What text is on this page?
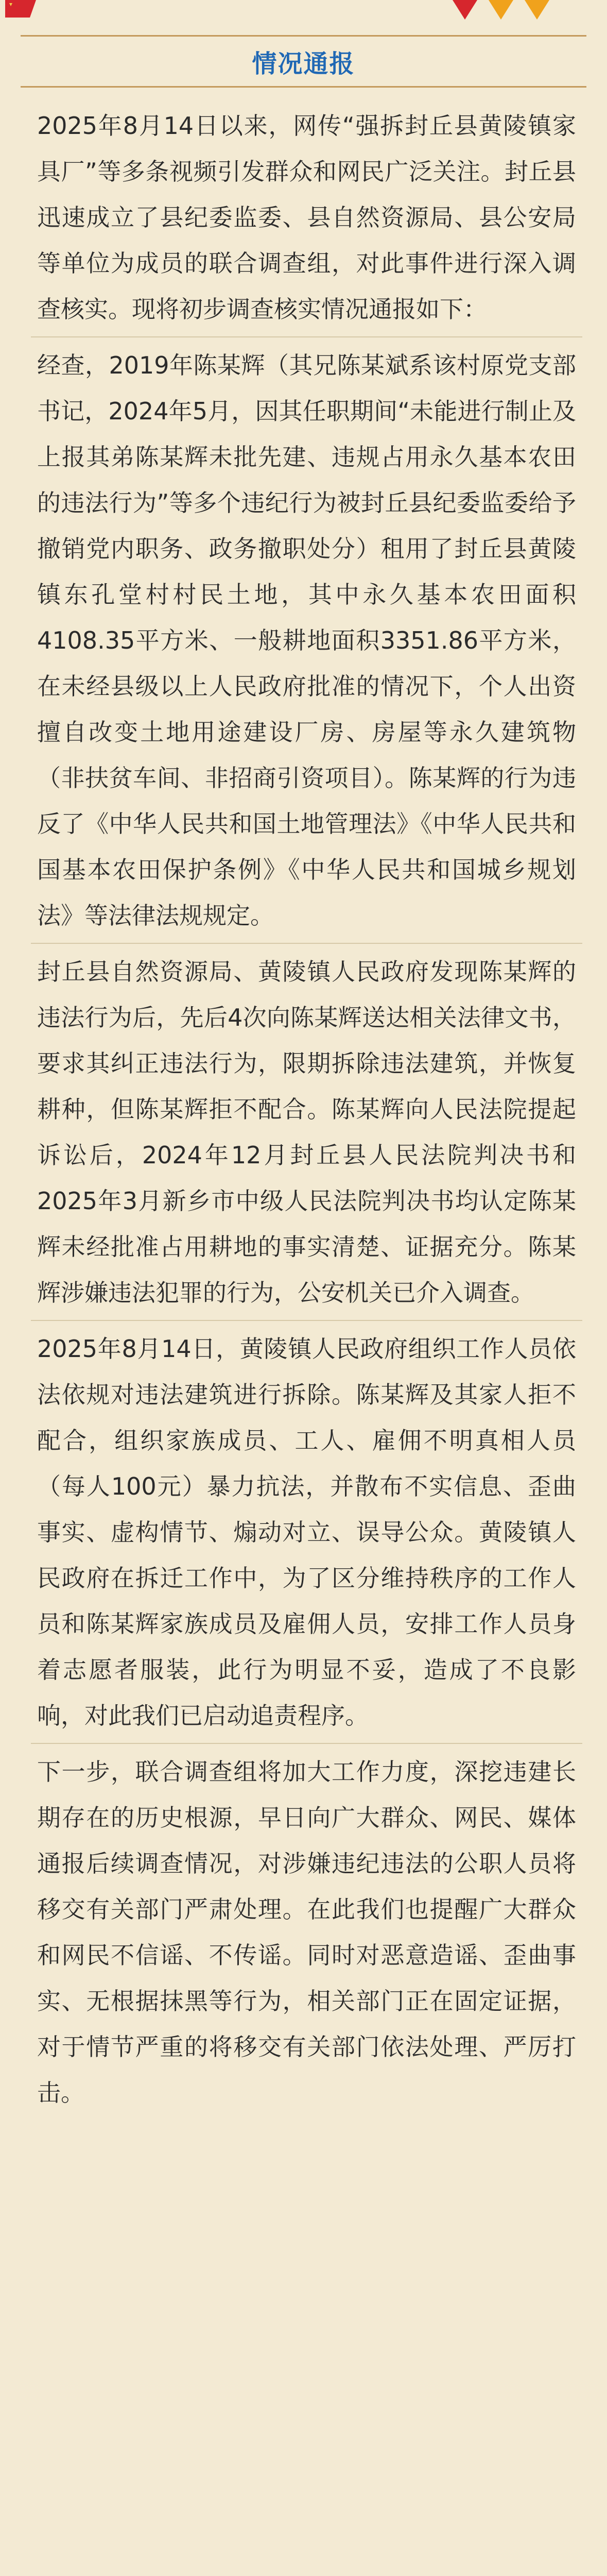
情况通报

2025年8月14日以来，网传“强拆封丘县黄陵镇家具厂”等多条视频引发群众和网民广泛关注。封丘县迅速成立了县纪委监委、县自然资源局、县公安局等单位为成员的联合调查组，对此事件进行深入调查核实。现将初步调查核实情况通报如下：

经查，2019年陈某辉（其兄陈某斌系该村原党支部书记，2024年5月，因其任职期间“未能进行制止及上报其弟陈某辉未批先建、违规占用永久基本农田的违法行为”等多个违纪行为被封丘县纪委监委给予撤销党内职务、政务撤职处分）租用了封丘县黄陵镇东孔堂村村民土地，其中永久基本农田面积4108.35平方米、一般耕地面积3351.86平方米，在未经县级以上人民政府批准的情况下，个人出资擅自改变土地用途建设厂房、房屋等永久建筑物（非扶贫车间、非招商引资项目）。陈某辉的行为违反了《中华人民共和国土地管理法》《中华人民共和国基本农田保护条例》《中华人民共和国城乡规划法》等法律法规规定。

封丘县自然资源局、黄陵镇人民政府发现陈某辉的违法行为后，先后4次向陈某辉送达相关法律文书，要求其纠正违法行为，限期拆除违法建筑，并恢复耕种，但陈某辉拒不配合。陈某辉向人民法院提起诉讼后，2024年12月封丘县人民法院判决书和2025年3月新乡市中级人民法院判决书均认定陈某辉未经批准占用耕地的事实清楚、证据充分。陈某辉涉嫌违法犯罪的行为，公安机关已介入调查。

2025年8月14日，黄陵镇人民政府组织工作人员依法依规对违法建筑进行拆除。陈某辉及其家人拒不配合，组织家族成员、工人、雇佣不明真相人员（每人100元）暴力抗法，并散布不实信息、歪曲事实、虚构情节、煽动对立、误导公众。黄陵镇人民政府在拆迁工作中，为了区分维持秩序的工作人员和陈某辉家族成员及雇佣人员，安排工作人员身着志愿者服装，此行为明显不妥，造成了不良影响，对此我们已启动追责程序。

下一步，联合调查组将加大工作力度，深挖违建长期存在的历史根源，早日向广大群众、网民、媒体通报后续调查情况，对涉嫌违纪违法的公职人员将移交有关部门严肃处理。在此我们也提醒广大群众和网民不信谣、不传谣。同时对恶意造谣、歪曲事实、无根据抹黑等行为，相关部门正在固定证据，对于情节严重的将移交有关部门依法处理、严厉打击。
